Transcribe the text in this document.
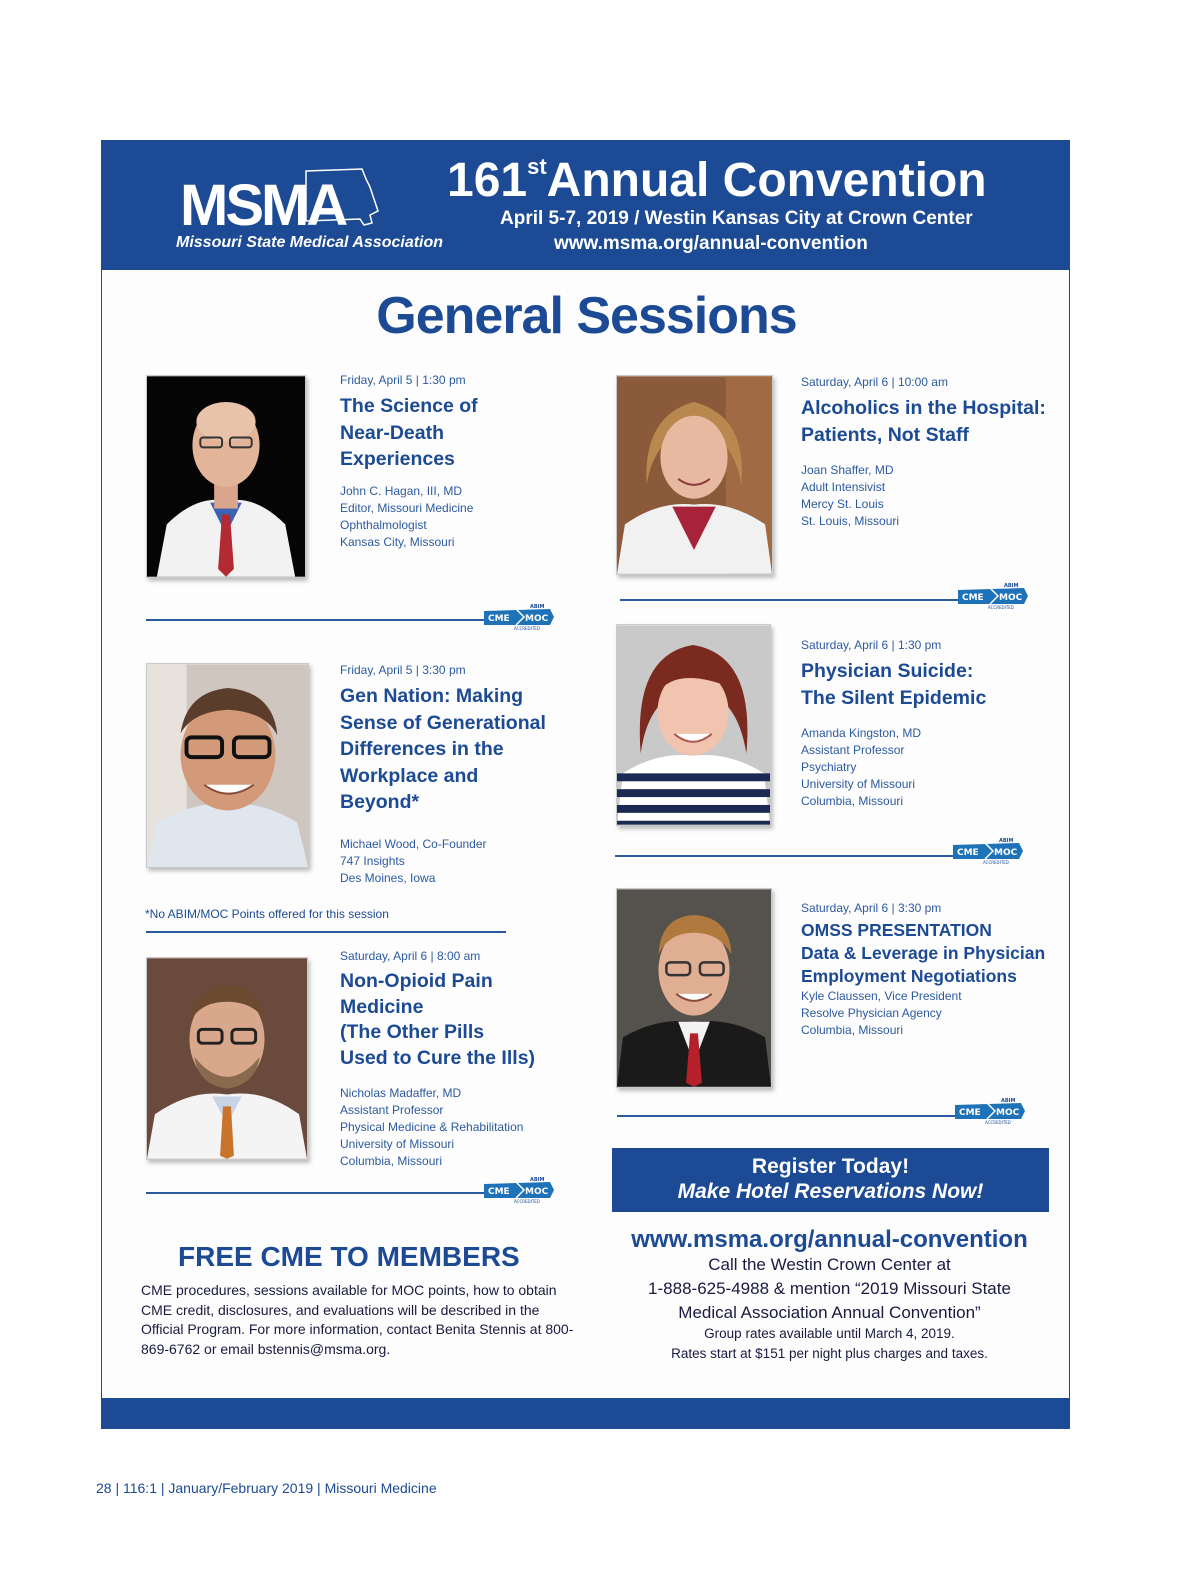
MSMA
Missouri State Medical Association
161stAnnual Convention
April 5-7, 2019 / Westin Kansas City at Crown Center
www.msma.org/annual-convention
General Sessions
Friday, April 5 | 1:30 pm
The Science of
Near-Death
Experiences
John C. Hagan, III, MD
Editor, Missouri Medicine
Ophthalmologist
Kansas City, Missouri
ABIM
CME MOC
ACCREDITED
Friday, April 5 | 3:30 pm
Gen Nation: Making
Sense of Generational
Differences in the
Workplace and
Beyond*
Michael Wood, Co-Founder
747 Insights
Des Moines, Iowa
*No ABIM/MOC Points offered for this session
Saturday, April 6 | 8:00 am
Non-Opioid Pain
Medicine
(The Other Pills
Used to Cure the Ills)
Nicholas Madaffer, MD
Assistant Professor
Physical Medicine & Rehabilitation
University of Missouri
Columbia, Missouri
ABIM
CME MOC
ACCREDITED
Saturday, April 6 | 10:00 am
Alcoholics in the Hospital:
Patients, Not Staff
Joan Shaffer, MD
Adult Intensivist
Mercy St. Louis
St. Louis, Missouri
ABIM
CME MOC
ACCREDITED
Saturday, April 6 | 1:30 pm
Physician Suicide:
The Silent Epidemic
Amanda Kingston, MD
Assistant Professor
Psychiatry
University of Missouri
Columbia, Missouri
ABIM
CME MOC
ACCREDITED
Saturday, April 6 | 3:30 pm
OMSS PRESENTATION
Data & Leverage in Physician
Employment Negotiations
Kyle Claussen, Vice President
Resolve Physician Agency
Columbia, Missouri
ABIM
CME MOC
ACCREDITED
FREE CME TO MEMBERS
CME procedures, sessions available for MOC points, how to obtain CME credit, disclosures, and evaluations will be described in the Official Program. For more information, contact Benita Stennis at 800-869-6762 or email bstennis@msma.org.
Register Today!
Make Hotel Reservations Now!
www.msma.org/annual-convention
Call the Westin Crown Center at
1-888-625-4988 & mention “2019 Missouri State
Medical Association Annual Convention”
Group rates available until March 4, 2019.
Rates start at $151 per night plus charges and taxes.
28 | 116:1 | January/February 2019 | Missouri Medicine
